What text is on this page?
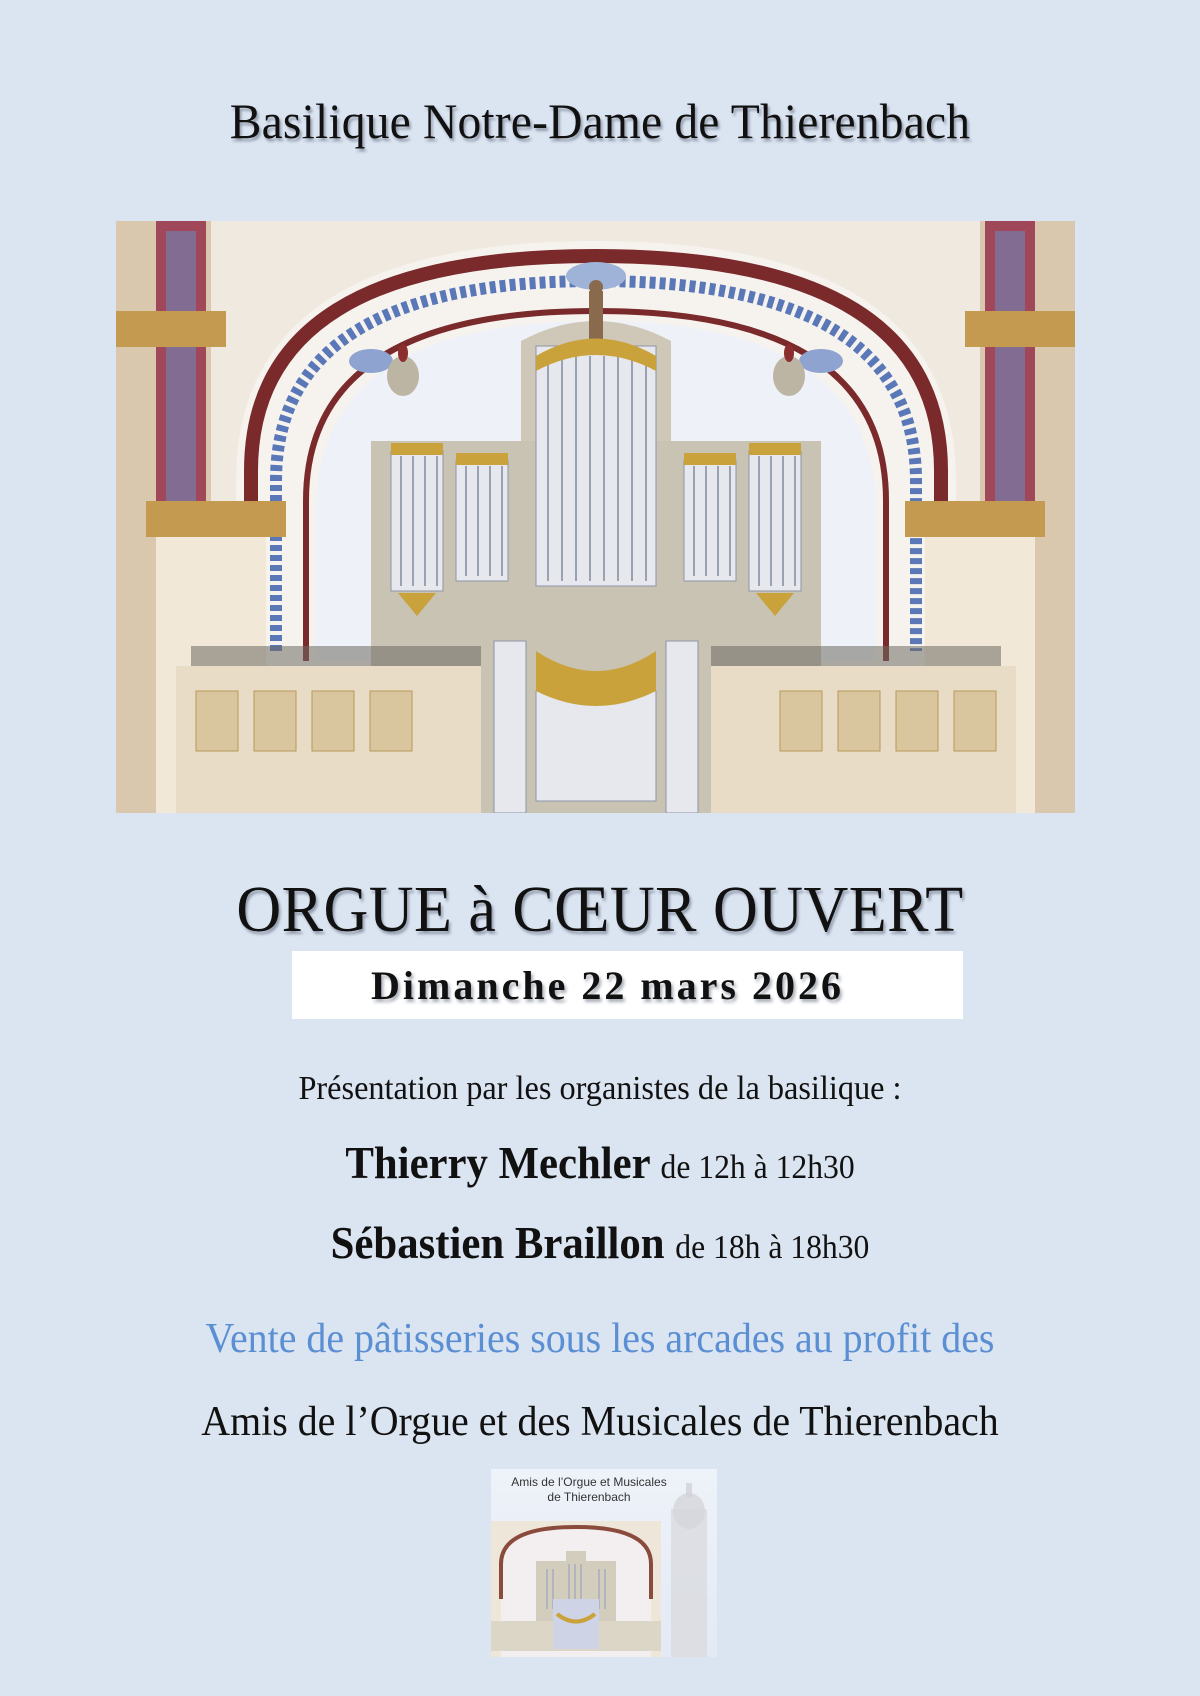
Basilique Notre-Dame de Thierenbach
ORGUE à CŒUR OUVERT
Dimanche 22 mars 2026
Présentation par les organistes de la basilique :
Thierry Mechler de 12h à 12h30
Sébastien Braillon de 18h à 18h30
Vente de pâtisseries sous les arcades au profit des
Amis de l’Orgue et des Musicales de Thierenbach
Amis de l’Orgue et Musicales
de Thierenbach
